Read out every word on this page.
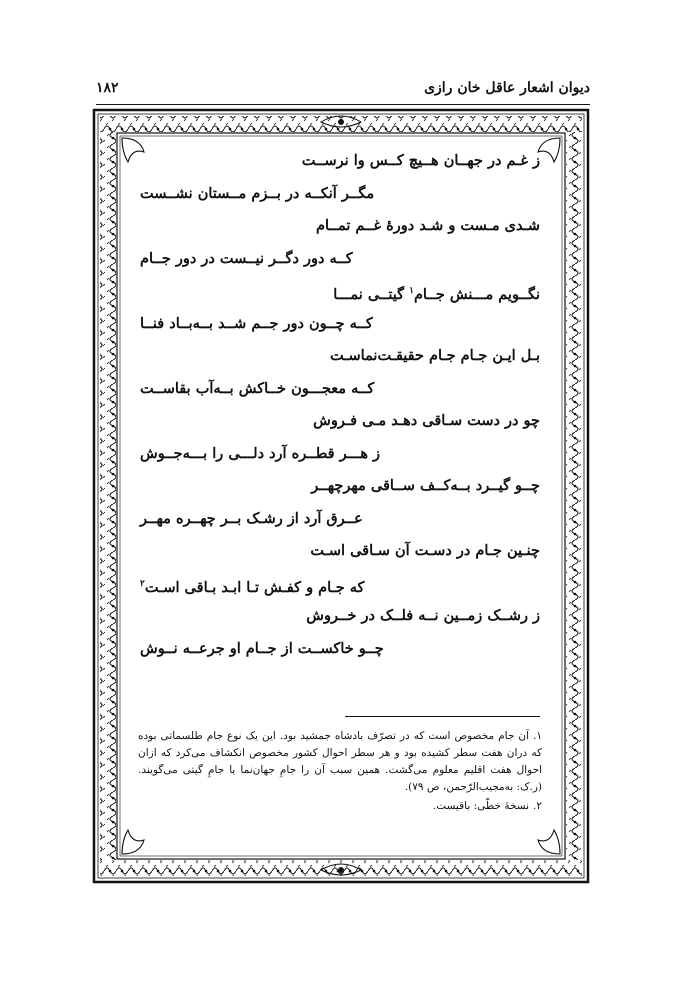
دیوان اشعار عاقل خان رازی
۱۸۲
ز غـم در جهــان هــیچ کــس وا نرســت
مگــر آنکــه در بــزم مــستان نشــست
شـدی مـست و شـد دورهٔ غــم تمــام
کــه دور دگــر نیــست در دور جــام
نگــویم مـــنش جــام$^۱$ گیتــی نمـــا
کــه چــون دور جــم شــد بــه‌بــاد فنــا
بـل ایـن جـام جـام حقیقـت‌نماسـت
کــه معجـــون خــاکش بــه‌آب بقاســت
چو در دست سـاقی دهـد مـی فـروش
ز هـــر قطــره آرد دلـــی را بـــه‌جــوش
چــو گیــرد بــه‌کــف ســاقی مهرچهــر
عــرق آرد از رشـک بــر چهــره مهــر
چنـین جـام در دسـت آن سـاقی اسـت
که جـام و کفـش تـا ابـد بـاقی اسـت$^۲$
ز رشــک زمــین نــه فلــک در خــروش
چــو خاکســت از جــام او جرعــه نــوش

۱.آن جام مخصوص است که در تصرّف بادشاه جمشید بود. این یک نوع جام طلسماتی بوده که دران هفت سطر کشیده بود و هر سطر احوال کشور مخصوص انکشاف می‌کرد که ازان احوال هفت اقلیم معلوم می‌گشت. همین سبب آن را جامِ جهان‌نما یا جامِ گیتی می‌گویند. (ر.ک: به‌مجیب‌الرّحمن، ص ۷۹).

۲.نسخهٔ خطّی: باقیست.
